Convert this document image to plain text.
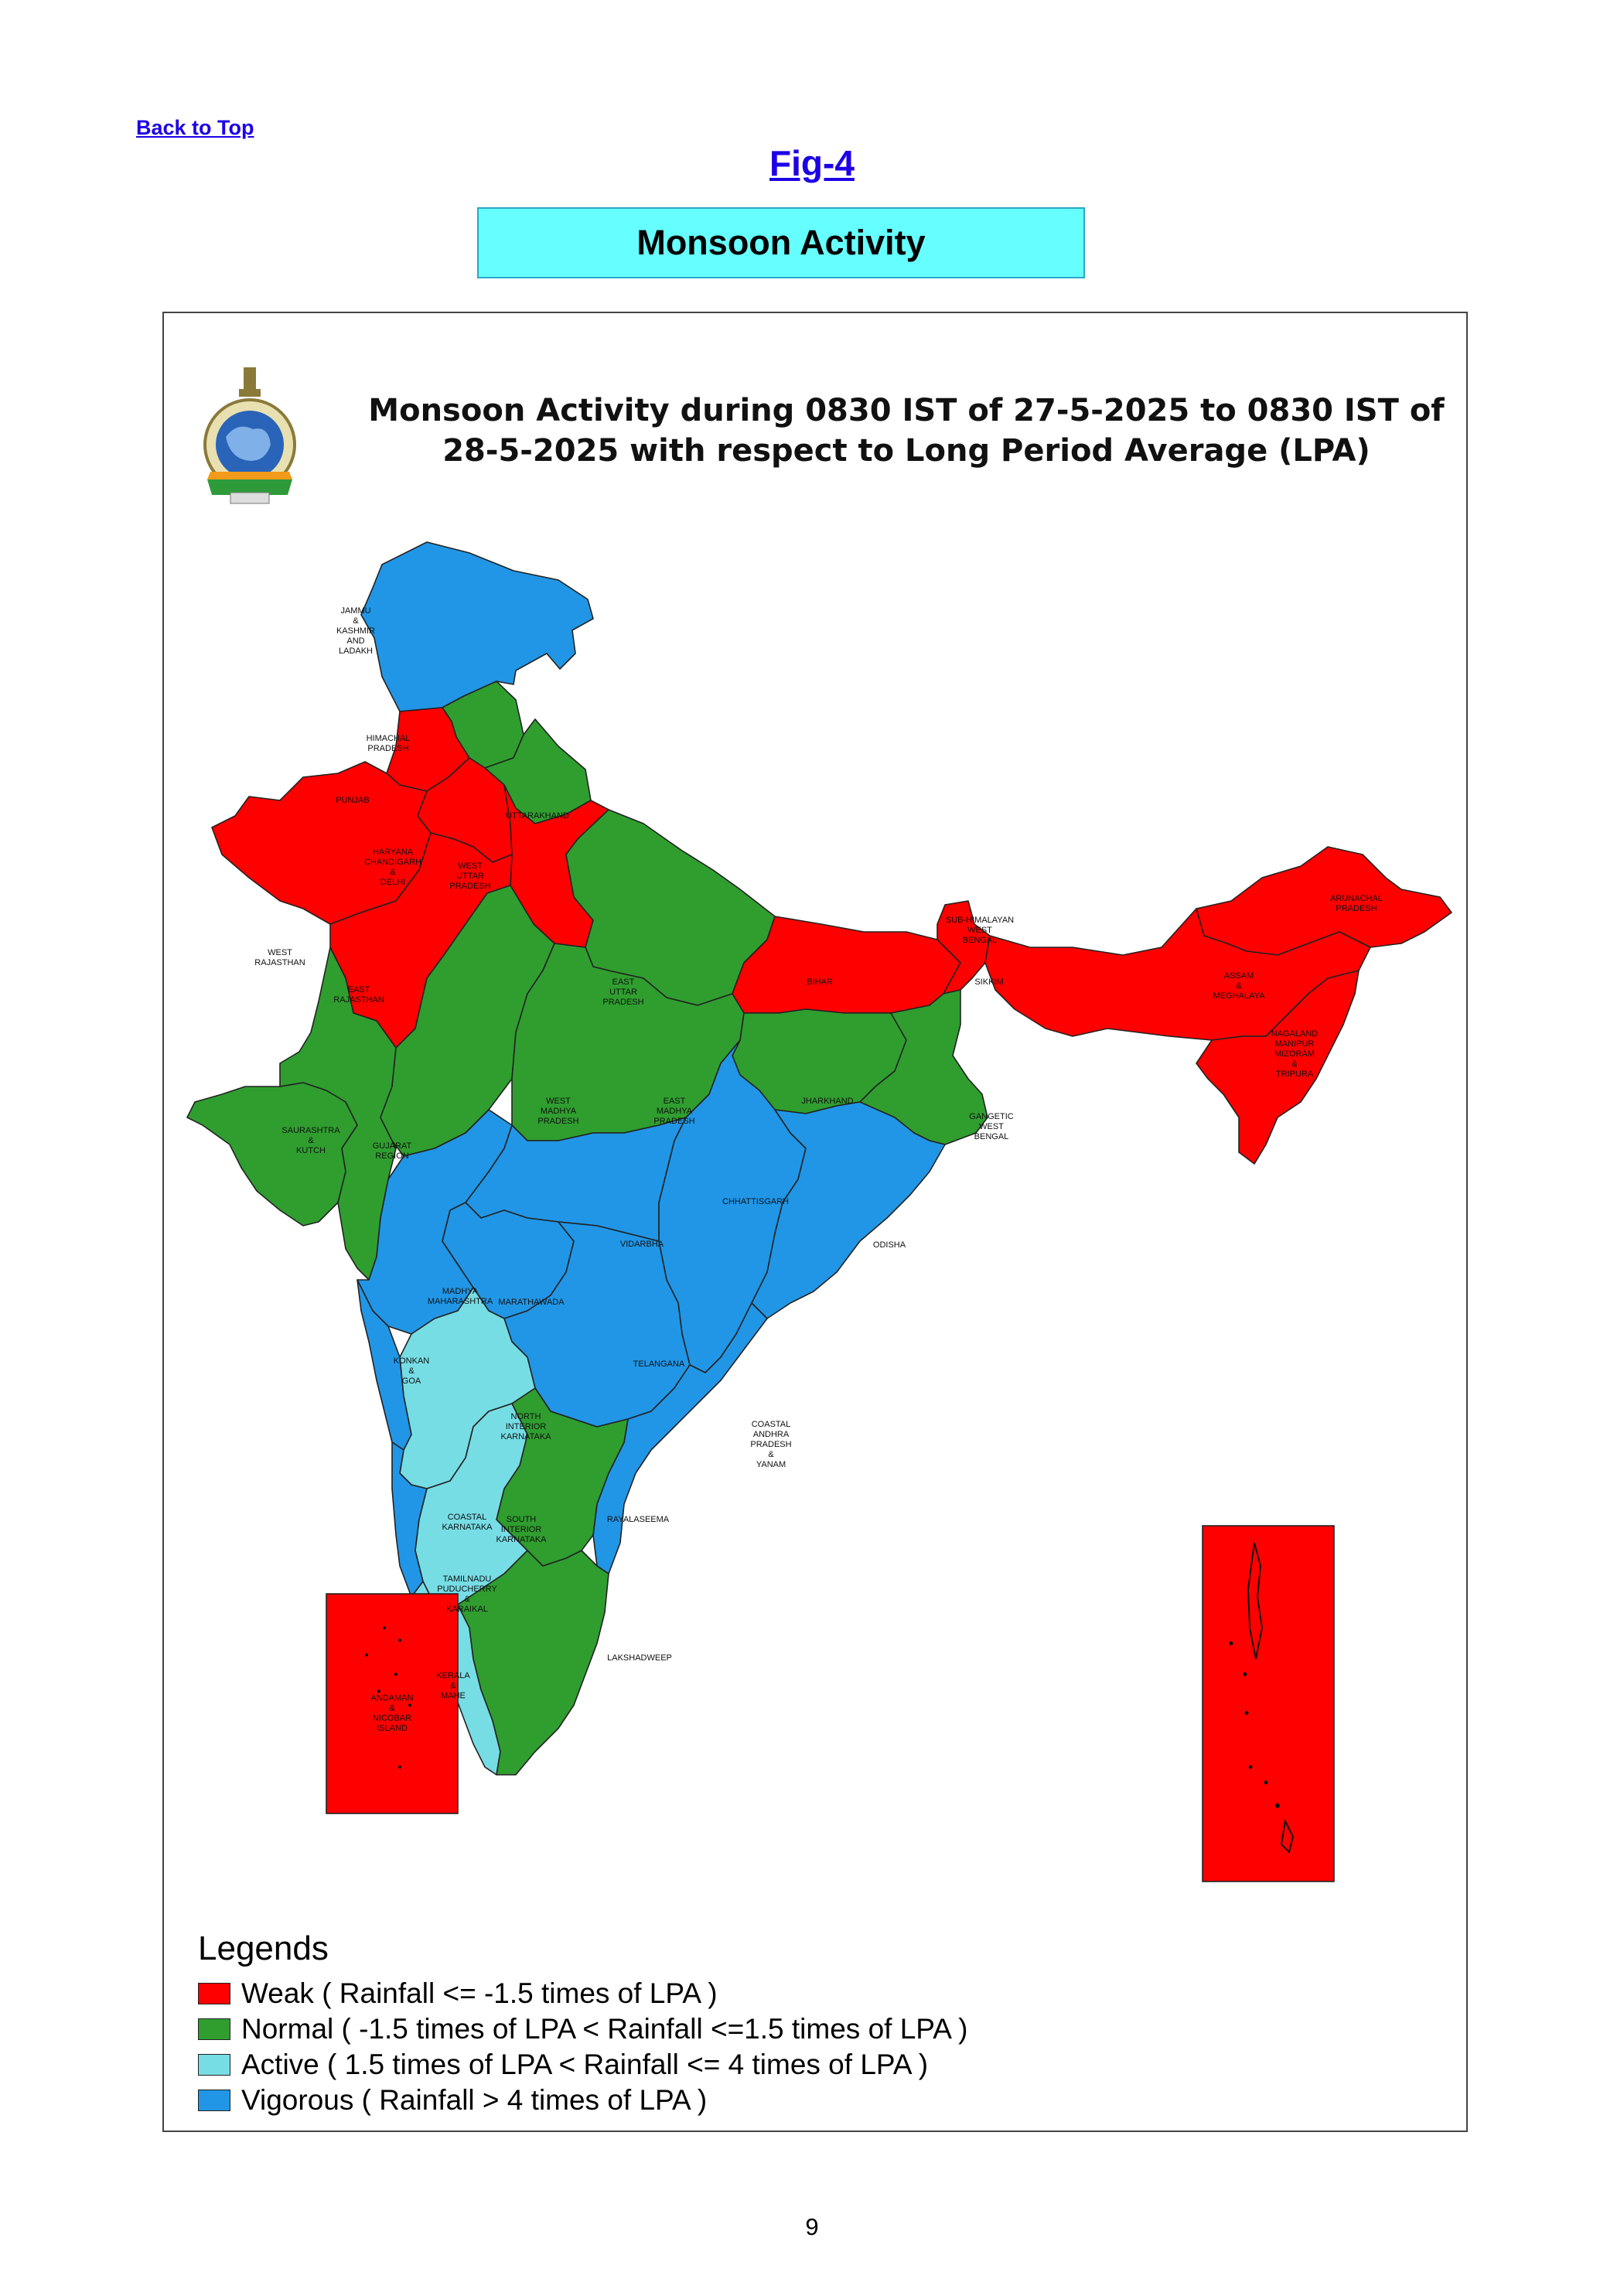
Back to Top
Fig-4
Monsoon Activity
JAMMU & KASHMIR AND LADAKH
HIMACHAL PRADESH
PUNJAB
UTTARAKHAND
HARYANA CHANDIGARH & DELHI
WEST UTTAR PRADESH
WEST RAJASTHAN
EAST RAJASTHAN
EAST UTTAR PRADESH
BIHAR
SUB-HIMALAYAN WEST BENGAL
SIKKIM
ARUNACHAL PRADESH
ASSAM & MEGHALAYA
NAGALAND MANIPUR MIZORAM & TRIPURA
SAURASHTRA & KUTCH	GUJARAT REGION
WEST MADHYA PRADESH
EAST MADHYA PRADESH
JHARKHAND
GANGETIC WEST BENGAL
CHHATTISGARH
ODISHA
VIDARBHA
MADHYA MAHARASHTRA MARATHAWADA
KONKAN & GOA
TELANGANA
COASTAL ANDHRA PRADESH & YANAM
NORTH INTERIOR KARNATAKA
COASTAL KARNATAKA
SOUTH INTERIOR KARNATAKA
RAYALASEEMA
TAMILNADU PUDUCHERRY & KARAIKAL
KERALA & MAHE
LAKSHADWEEP
ANDAMAN & NICOBAR ISLAND
Monsoon Activity during 0830 IST of 27-5-2025 to 0830 IST of
28-5-2025 with respect to Long Period Average (LPA)
Legends
Weak ( Rainfall <= -1.5 times of LPA )
Normal ( -1.5 times of LPA < Rainfall <=1.5 times of LPA )
Active ( 1.5 times of LPA < Rainfall <= 4 times of LPA )
Vigorous ( Rainfall > 4 times of LPA )
9
